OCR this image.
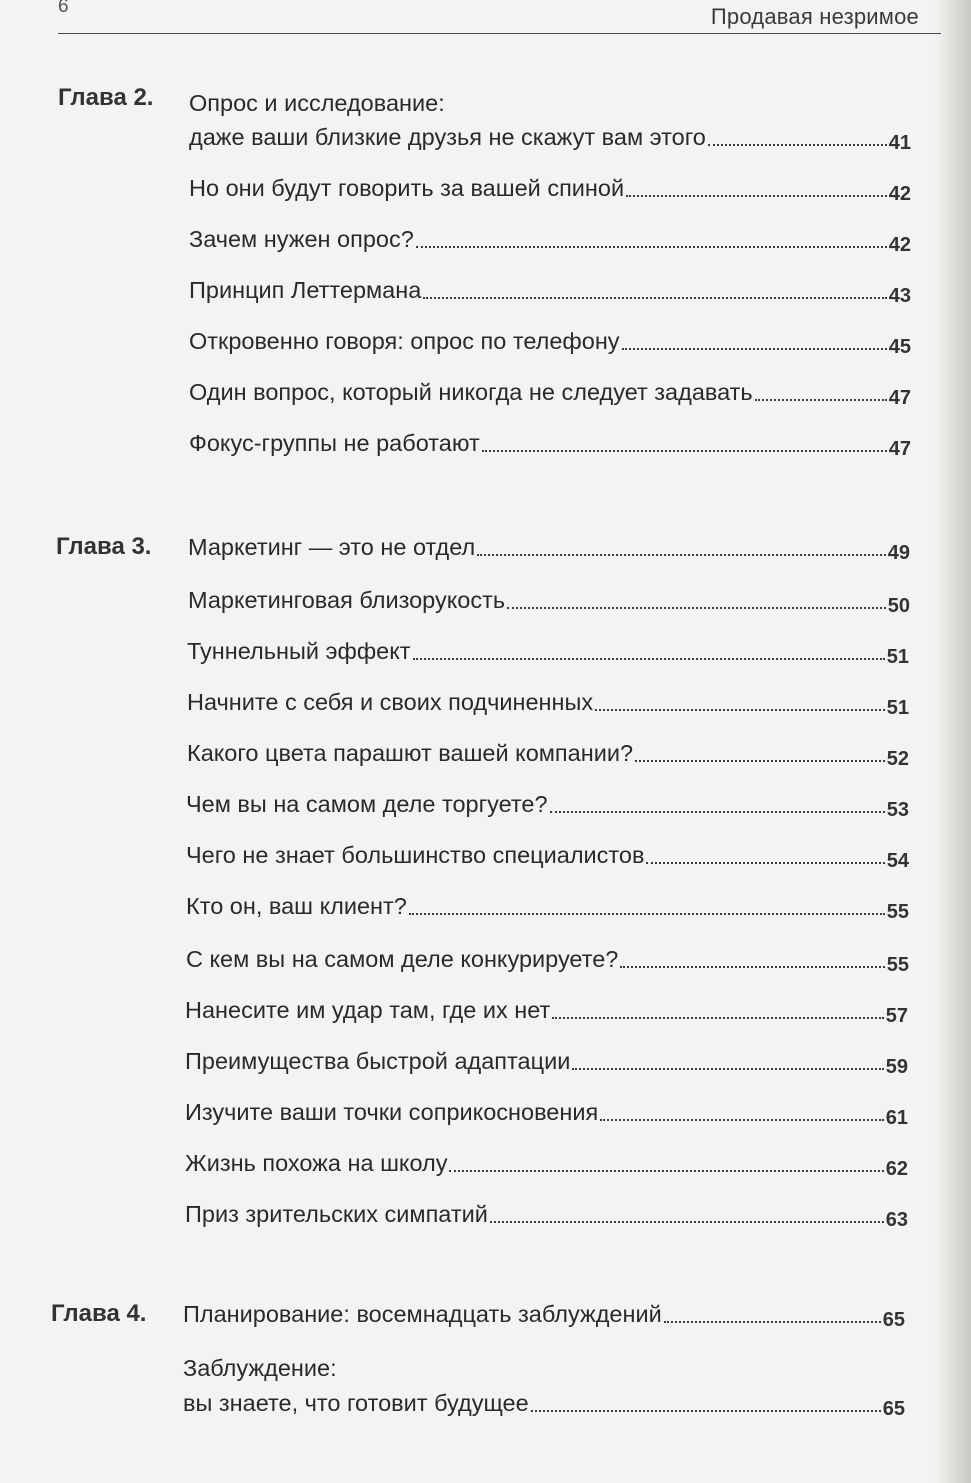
6	Продавая незримое
Глава 2. Опрос и исследование:
даже ваши близкие друзья не скажут вам этого	41
Но они будут говорить за вашей спиной	42
Зачем нужен опрос?	42
Принцип Леттермана	43
Откровенно говоря: опрос по телефону	45
Один вопрос, который никогда не следует задавать	47
Фокус-группы не работают	47
Глава 3. Маркетинг — это не отдел	49
Маркетинговая близорукость	50
Туннельный эффект	51
Начните с себя и своих подчиненных	51
Какого цвета парашют вашей компании?	52
Чем вы на самом деле торгуете?	53
Чего не знает большинство специалистов	54
Кто он, ваш клиент?	55
С кем вы на самом деле конкурируете?	55
Нанесите им удар там, где их нет	57
Преимущества быстрой адаптации	59
Изучите ваши точки соприкосновения	61
Жизнь похожа на школу	62
Приз зрительских симпатий	63
Глава 4. Планирование: восемнадцать заблуждений	65
Заблуждение:
вы знаете, что готовит будущее	65
